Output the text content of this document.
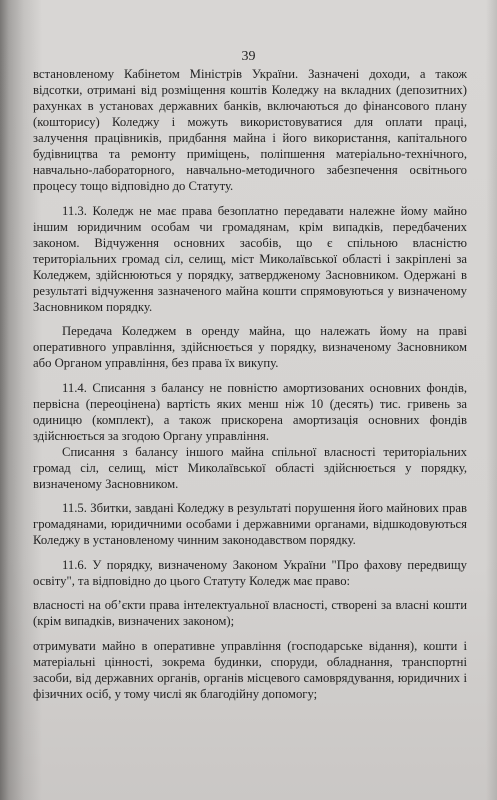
39
встановленому Кабінетом Міністрів України. Зазначені доходи, а також
відсотки, отримані від розміщення коштів Коледжу на вкладних (депозитних)
рахунках в установах державних банків, включаються до фінансового плану
(кошторису) Коледжу і можуть використовуватися для оплати праці,
залучення працівників, придбання майна і його використання, капітального
будівництва та ремонту приміщень, поліпшення матеріально-технічного,
навчально-лабораторного, навчально-методичного забезпечення освітнього
процесу тощо відповідно до Статуту.
11.3. Коледж не має права безоплатно передавати належне йому майно
іншим юридичним особам чи громадянам, крім випадків, передбачених
законом. Відчуження основних засобів, що є спільною власністю
територіальних громад сіл, селищ, міст Миколаївської області і закріплені за
Коледжем, здійснюються у порядку, затвердженому Засновником. Одержані в
результаті відчуження зазначеного майна кошти спрямовуються у визначеному
Засновником порядку.
Передача Коледжем в оренду майна, що належать йому на праві
оперативного управління, здійснюється у порядку, визначеному Засновником
або Органом управління, без права їх викупу.
11.4. Списання з балансу не повністю амортизованих основних фондів,
первісна (переоцінена) вартість яких менш ніж 10 (десять) тис. гривень за
одиницю (комплект), а також прискорена амортизація основних фондів
здійснюється за згодою Органу управління.
Списання з балансу іншого майна спільної власності територіальних
громад сіл, селищ, міст Миколаївської області здійснюється у порядку,
визначеному Засновником.
11.5. Збитки, завдані Коледжу в результаті порушення його майнових прав
громадянами, юридичними особами і державними органами, відшкодовуються
Коледжу в установленому чинним законодавством порядку.
11.6. У порядку, визначеному Законом України "Про фахову передвищу
освіту", та відповідно до цього Статуту Коледж має право:
власності на об’єкти права інтелектуальної власності, створені за власні кошти
(крім випадків, визначених законом);
отримувати майно в оперативне управління (господарське відання), кошти і
матеріальні цінності, зокрема будинки, споруди, обладнання, транспортні
засоби, від державних органів, органів місцевого самоврядування, юридичних і
фізичних осіб, у тому числі як благодійну допомогу;
